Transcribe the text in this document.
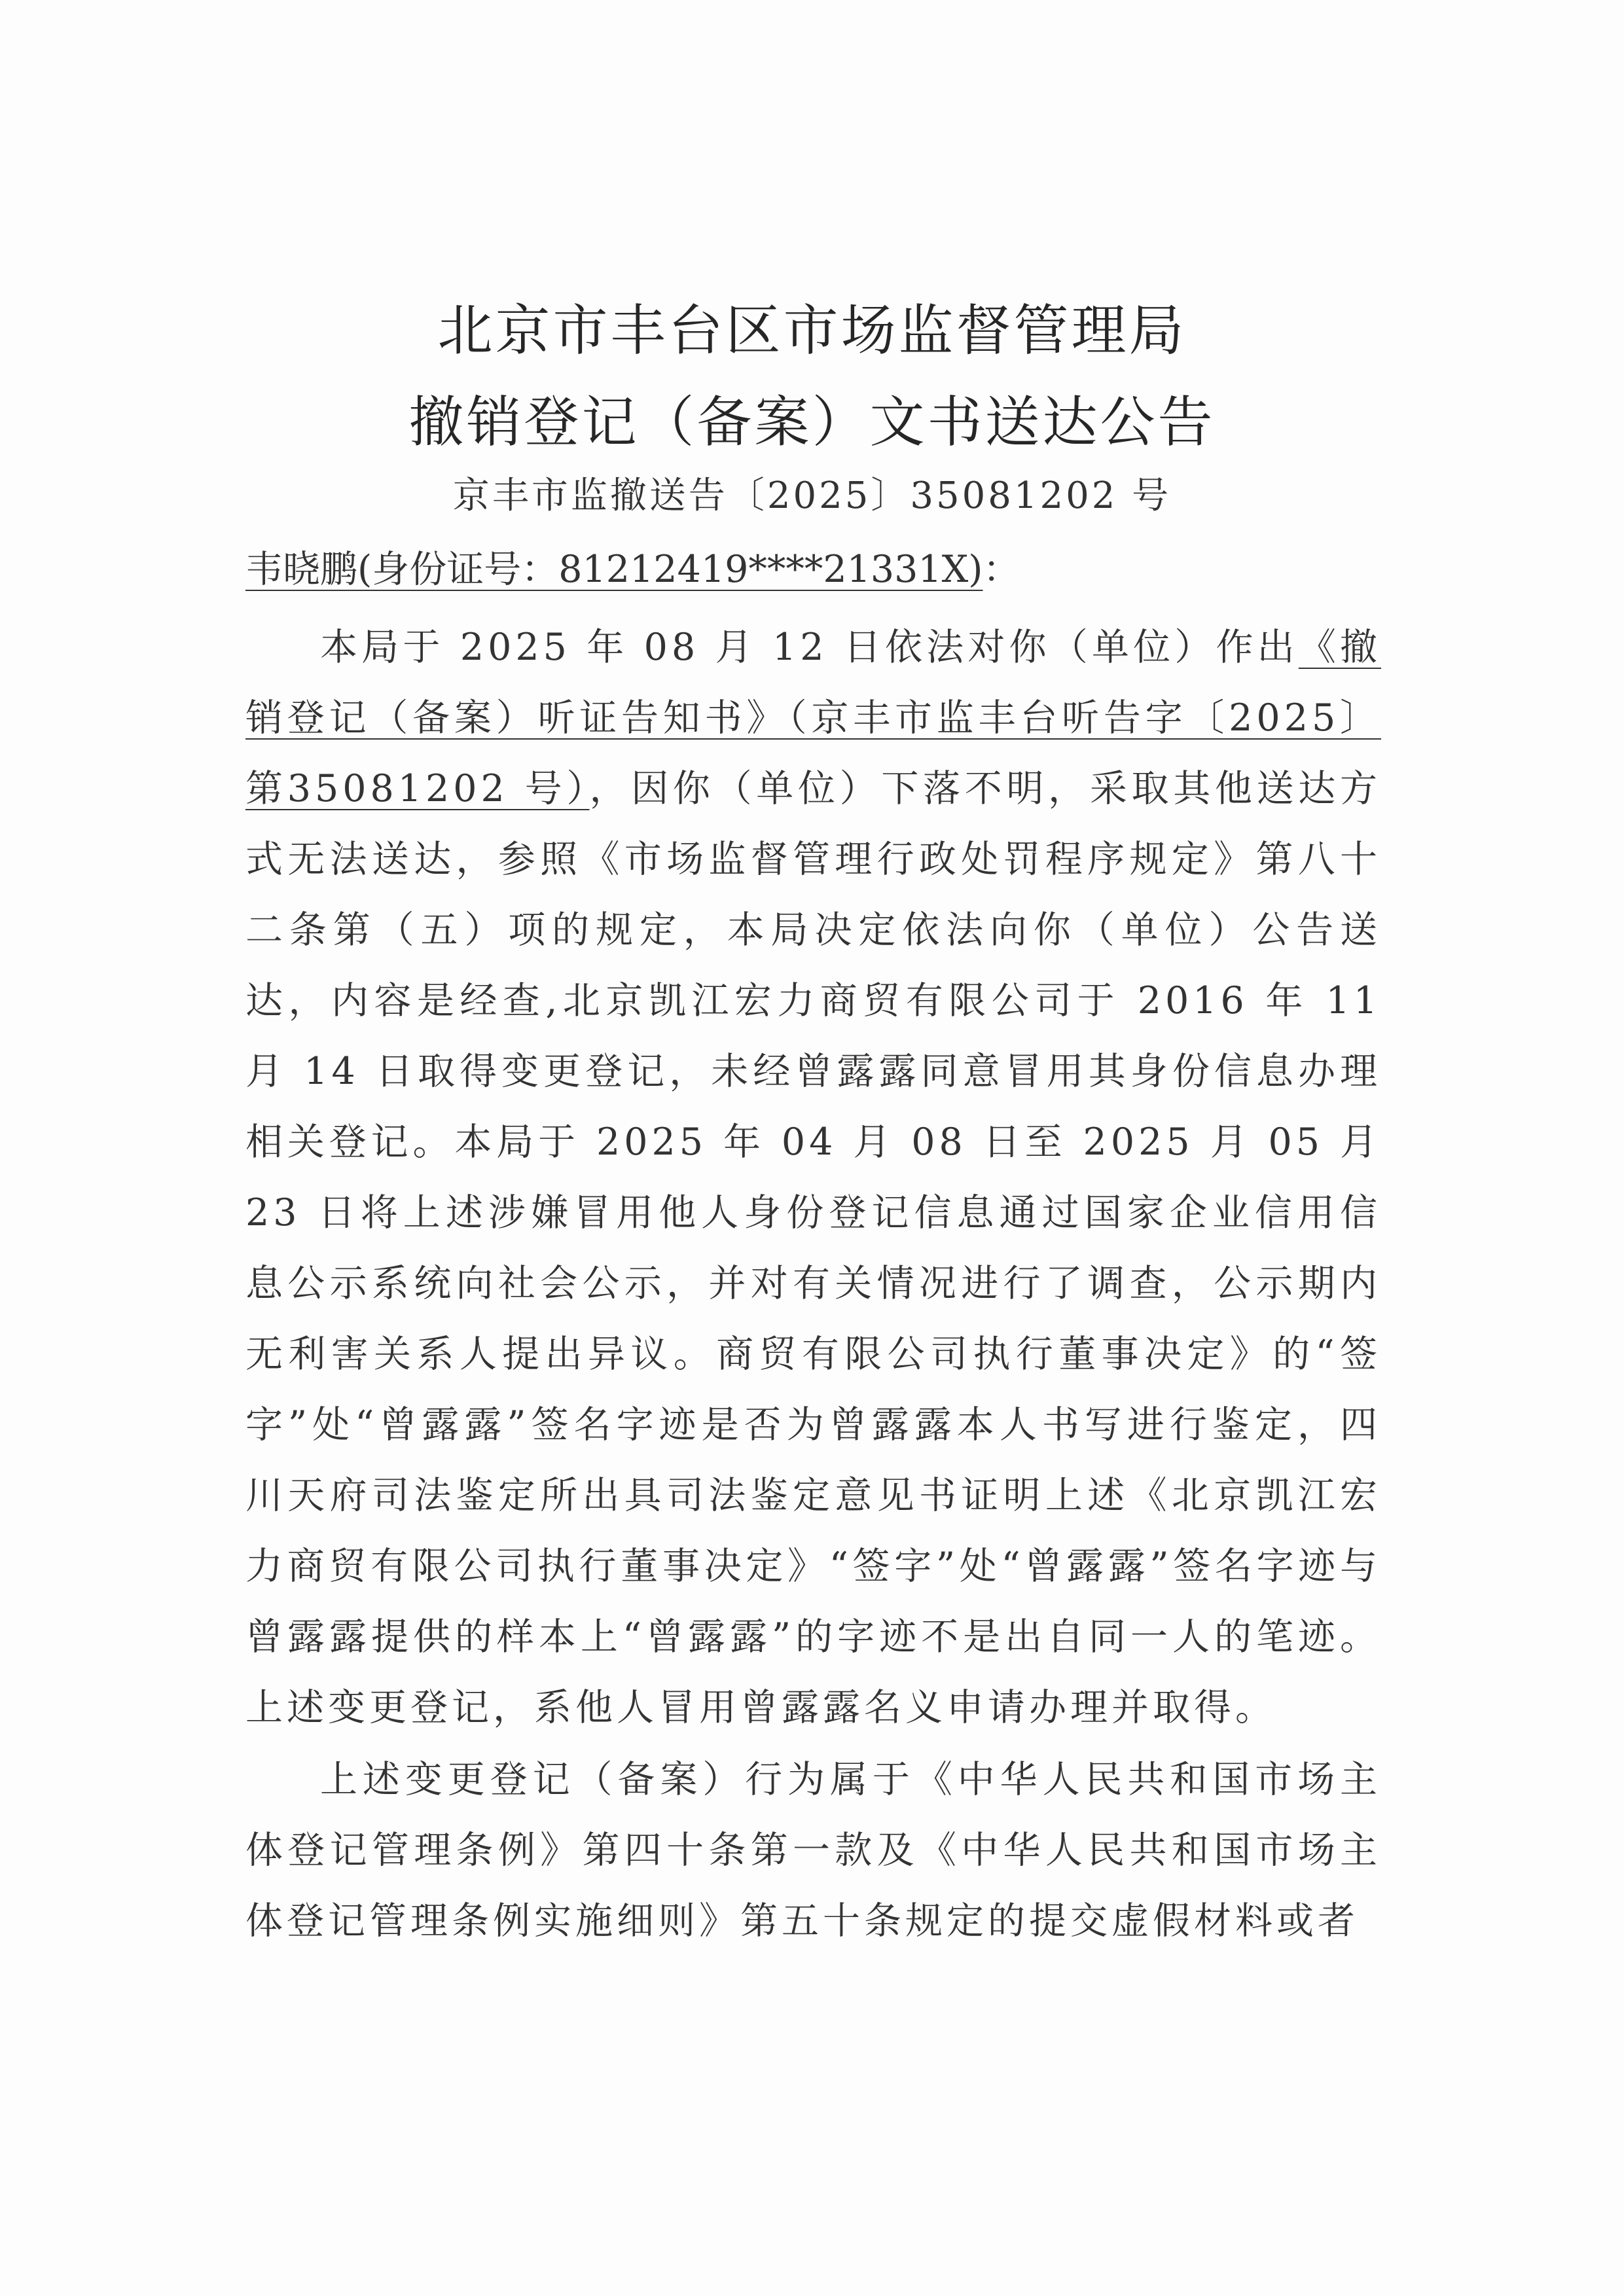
北京市丰台区市场监督管理局
撤销登记（备案）文书送达公告
京丰市监撤送告〔2025〕35081202 号
韦晓鹏(身份证号：81212419****21331X)：

本局于 2025 年 08 月 12 日依法对你（单位）作出《撤销登记（备案）听证告知书》（京丰市监丰台听告字〔2025〕第35081202 号），因你（单位）下落不明，采取其他送达方式无法送达，参照《市场监督管理行政处罚程序规定》第八十二条第（五）项的规定，本局决定依法向你（单位）公告送达，内容是经查,北京凯江宏力商贸有限公司于 2016 年 11 月 14 日取得变更登记，未经曾露露同意冒用其身份信息办理相关登记。本局于 2025 年 04 月 08 日至 2025 月 05 月 23 日将上述涉嫌冒用他人身份登记信息通过国家企业信用信息公示系统向社会公示，并对有关情况进行了调查，公示期内无利害关系人提出异议。商贸有限公司执行董事决定》的“签字”处“曾露露”签名字迹是否为曾露露本人书写进行鉴定，四川天府司法鉴定所出具司法鉴定意见书证明上述《北京凯江宏力商贸有限公司执行董事决定》“签字”处“曾露露”签名字迹与曾露露提供的样本上“曾露露”的字迹不是出自同一人的笔迹。上述变更登记，系他人冒用曾露露名义申请办理并取得。

上述变更登记（备案）行为属于《中华人民共和国市场主体登记管理条例》第四十条第一款及《中华人民共和国市场主体登记管理条例实施细则》第五十条规定的提交虚假材料或者
